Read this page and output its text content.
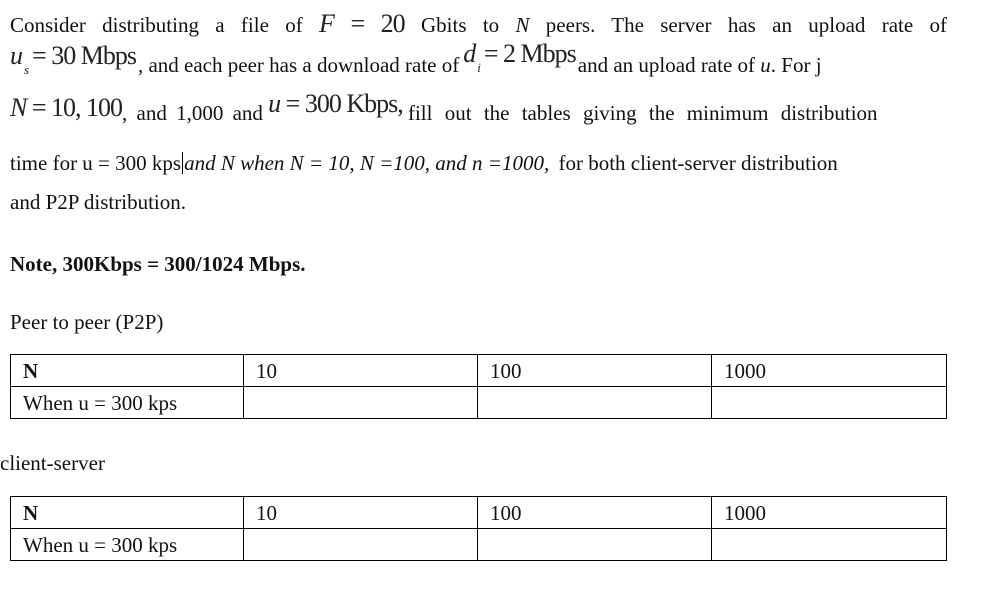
Consider distributing a file of F = 20 Gbits to N peers. The server has an upload rate of
u $_s$ = 30 Mbps, and each peer has a download rate of d $_i$ = 2 Mbpsand an upload rate of u. For j
N = 10, 100, and 1,000 and u = 300 Kbps, fill out the tables giving the minimum distribution
time for u = 300 kps and N when N = 10, N =100, and n =1000, for both client-server distribution
and P2P distribution.
Note, 300Kbps = 300/1024 Mbps.
Peer to peer (P2P)
N	10	100	1000
When u = 300 kps			
client-server
N	10	100	1000
When u = 300 kps			
